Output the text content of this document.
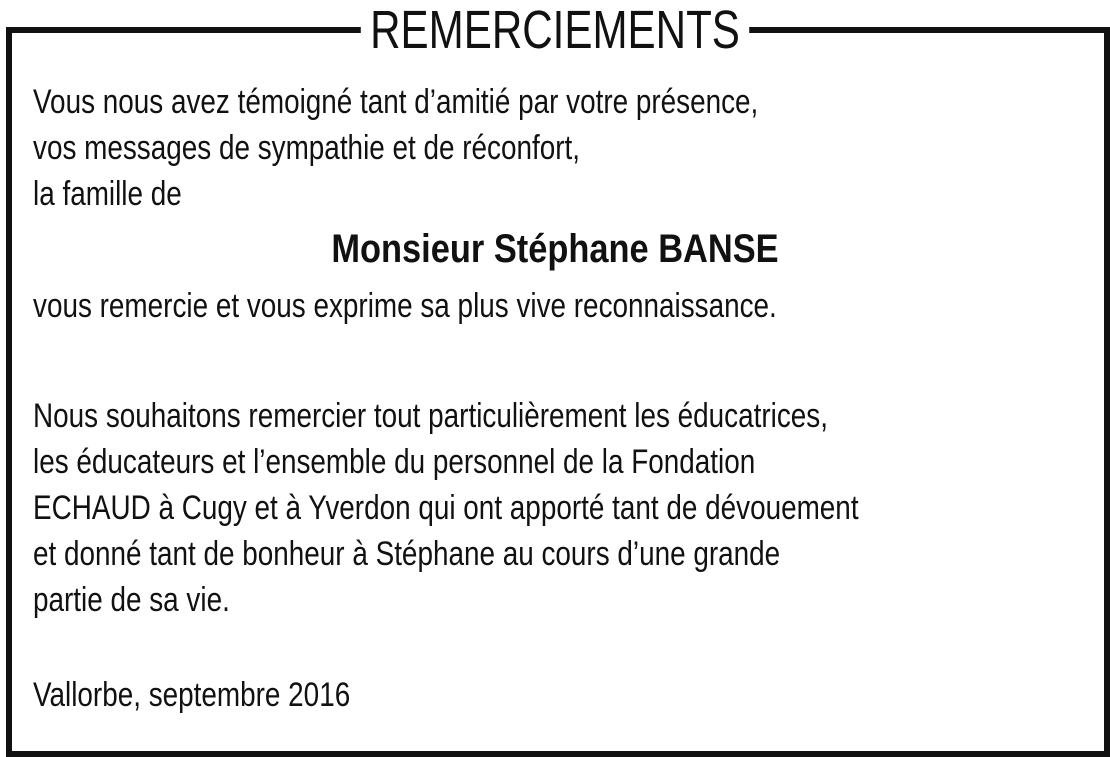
REMERCIEMENTS
Vous nous avez témoigné tant d’amitié par votre présence,
vos messages de sympathie et de réconfort,
la famille de
Monsieur Stéphane BANSE
vous remercie et vous exprime sa plus vive reconnaissance.
Nous souhaitons remercier tout particulièrement les éducatrices,
les éducateurs et l’ensemble du personnel de la Fondation
ECHAUD à Cugy et à Yverdon qui ont apporté tant de dévouement
et donné tant de bonheur à Stéphane au cours d’une grande
partie de sa vie.
Vallorbe, septembre 2016
